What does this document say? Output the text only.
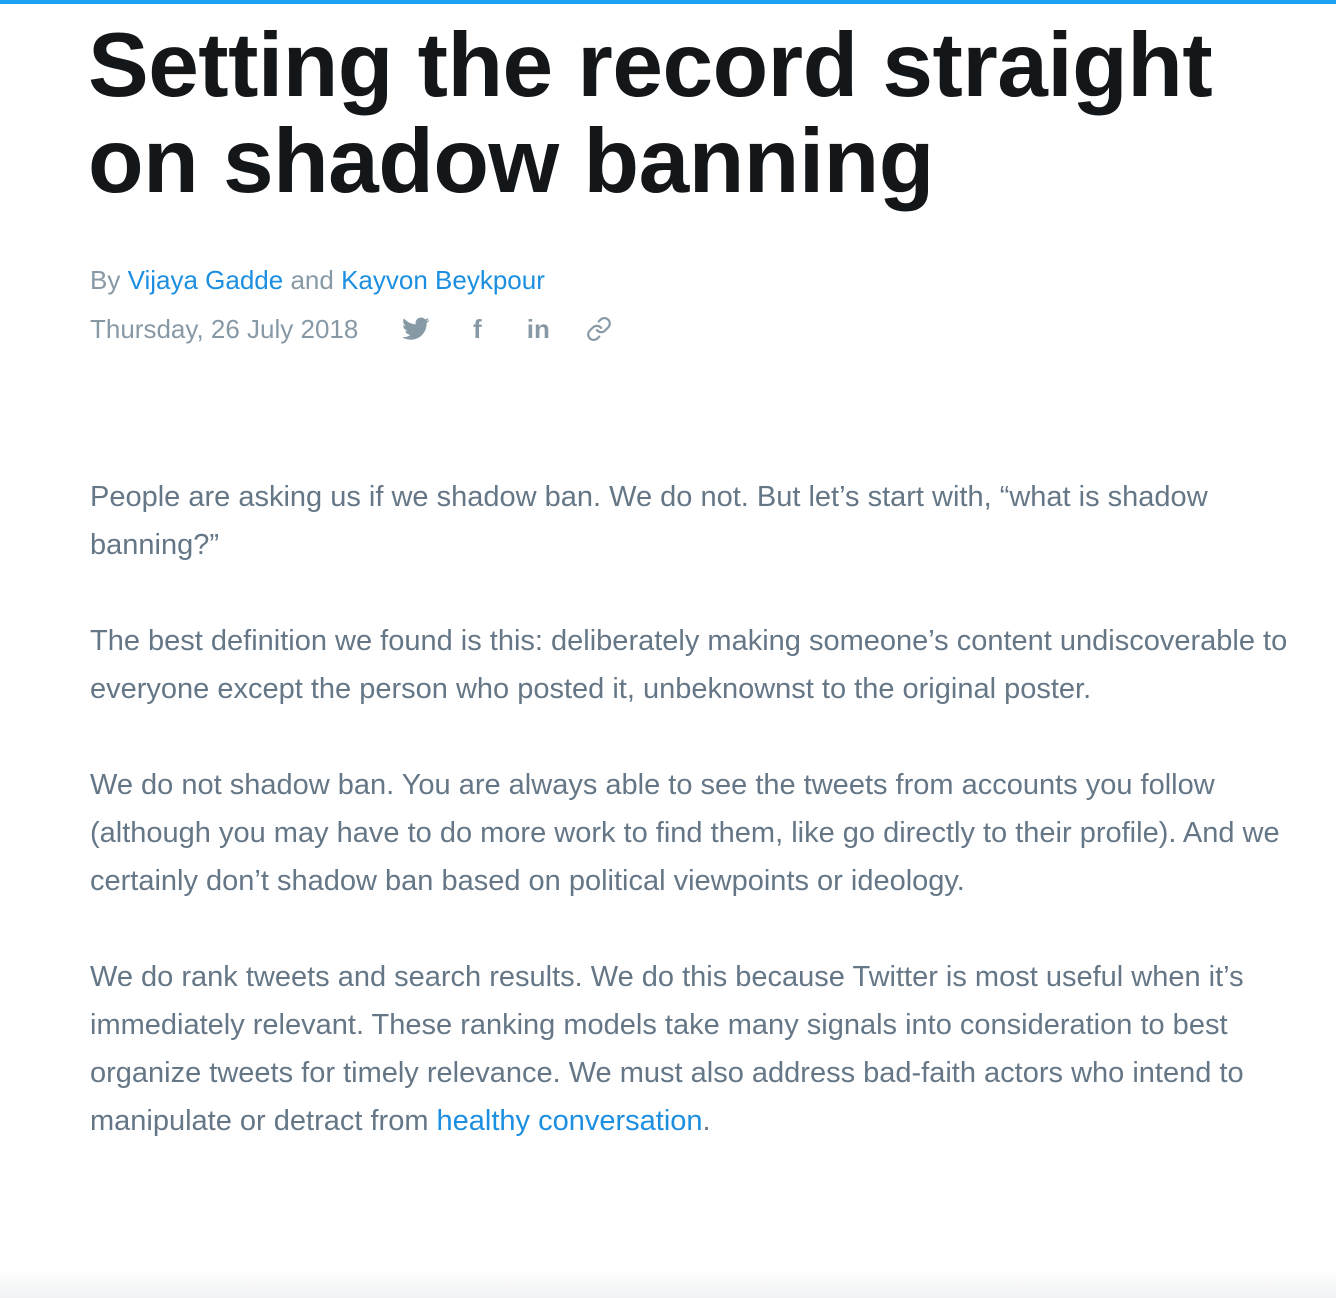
Setting the record straight on shadow banning
By Vijaya Gadde and Kayvon Beykpour
Thursday, 26 July 2018	f	in

People are asking us if we shadow ban. We do not. But let’s start with, “what is shadow banning?”

The best definition we found is this: deliberately making someone’s content undiscoverable to everyone except the person who posted it, unbeknownst to the original poster.

We do not shadow ban. You are always able to see the tweets from accounts you follow (although you may have to do more work to find them, like go directly to their profile). And we certainly don’t shadow ban based on political viewpoints or ideology.

We do rank tweets and search results. We do this because Twitter is most useful when it’s immediately relevant. These ranking models take many signals into consideration to best organize tweets for timely relevance. We must also address bad-faith actors who intend to manipulate or detract from healthy conversation.
